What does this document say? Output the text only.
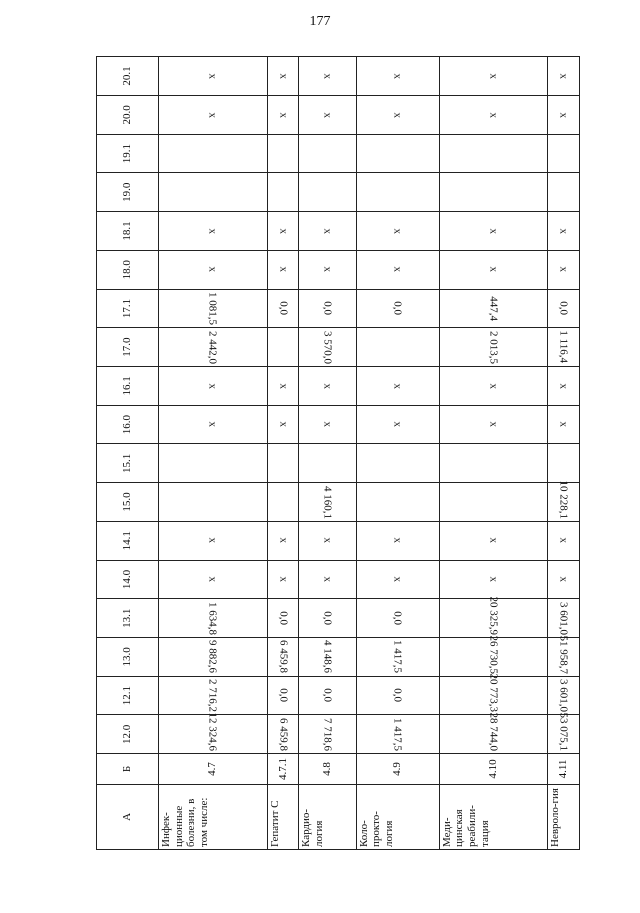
177
А	Б	12.0	12.1	13.0	13.1	14.0	14.1	15.0	15.1	16.0	16.1	17.0	17.1	18.0	18.1	19.0	19.1	20.0	20.1
Инфек-ционные болезни, в том числе:	4.7	12 324,6	2 716,2	9 882,6	1 634,8	x	x			x	x	2 442,0	1 081,5	x	x			x	x
Гепатит С	4.7.1	6 459,8	0,0	6 459,8	0,0	x	x			x	x		0,0	x	x			x	x
Кардио-логия	4.8	7 718,6	0,0	4 148,6	0,0	x	x	4 160,1		x	x	3 570,0	0,0	x	x			x	x
Коло-прокто-логия	4.9	1 417,5	0,0	1 417,5	0,0	x	x			x	x		0,0	x	x			x	x
Меди-цинская реабили-тация	4.10	28 744,0	20 773,3	26 730,5	20 325,9	x	x			x	x	2 013,5	447,4	x	x			x	x
Невроло-гия	4.11	53 075,1	3 601,0	51 958,7	3 601,0	x	x	10 228,1		x	x	1 116,4	0,0	x	x			x	x
